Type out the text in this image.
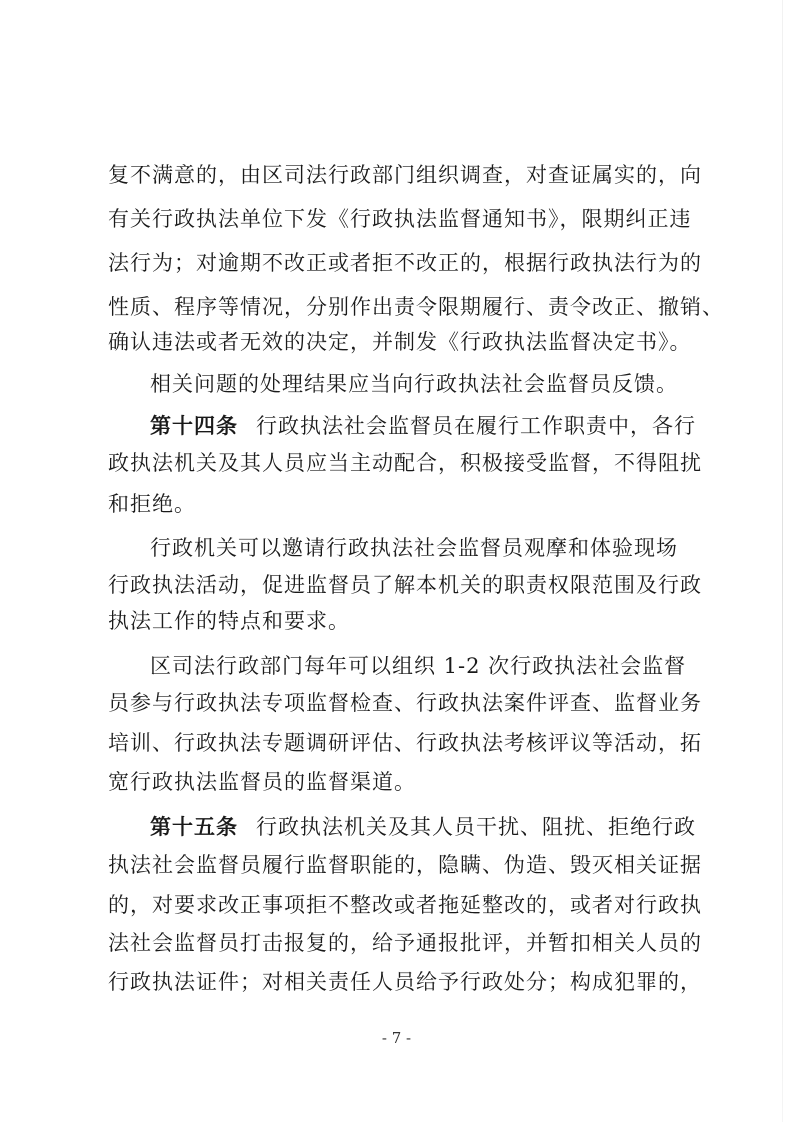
复不满意的，由区司法行政部门组织调查，对查证属实的，向
有关行政执法单位下发《行政执法监督通知书》，限期纠正违
法行为；对逾期不改正或者拒不改正的，根据行政执法行为的
性质、程序等情况，分别作出责令限期履行、责令改正、撤销、
确认违法或者无效的决定，并制发《行政执法监督决定书》。
相关问题的处理结果应当向行政执法社会监督员反馈。
第十四条 行政执法社会监督员在履行工作职责中，各行
政执法机关及其人员应当主动配合，积极接受监督，不得阻扰
和拒绝。
行政机关可以邀请行政执法社会监督员观摩和体验现场
行政执法活动，促进监督员了解本机关的职责权限范围及行政
执法工作的特点和要求。
区司法行政部门每年可以组织 1-2 次行政执法社会监督
员参与行政执法专项监督检查、行政执法案件评查、监督业务
培训、行政执法专题调研评估、行政执法考核评议等活动，拓
宽行政执法监督员的监督渠道。
第十五条 行政执法机关及其人员干扰、阻扰、拒绝行政
执法社会监督员履行监督职能的，隐瞒、伪造、毁灭相关证据
的，对要求改正事项拒不整改或者拖延整改的，或者对行政执
法社会监督员打击报复的，给予通报批评，并暂扣相关人员的
行政执法证件；对相关责任人员给予行政处分；构成犯罪的，
- 7 -
